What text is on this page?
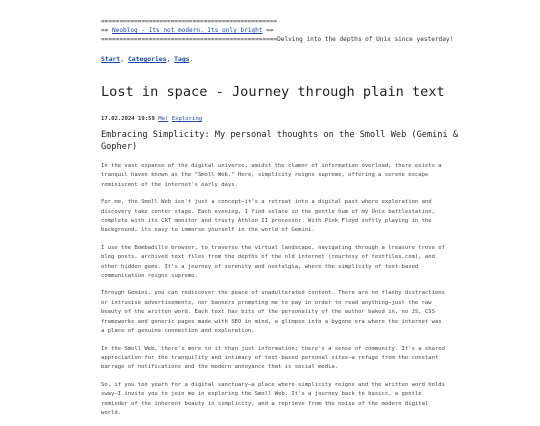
================================================
== Neoblog - Its not modern. Its only bright ==
================================================Delving into the depths of Unix since yesterday!
Start, Categories, Tags.
Lost in space - Journey through plain text
17.02.2024 19:59 Me! Exploring
Embracing Simplicity: My personal thoughts on the Smoll Web (Gemini & Gopher)

In the vast expanse of the digital universe, amidst the clamor of information overload, there exists a tranquil haven known as the "Smoll Web." Here, simplicity reigns supreme, offering a serene escape reminiscent of the internet's early days.

For me, the Smoll Web isn't just a concept—it's a retreat into a digital past where exploration and discovery take center stage. Each evening, I find solace in the gentle hum of my Unix battlestation, complete with its CRT monitor and trusty Athlon II processor. With Pink Floyd softly playing in the background, its easy to immerse yourself in the world of Gemini.

I use the Bombadillo browser, to traverse the virtual landscape, navigating through a treasure trove of blog posts, archived text files from the depths of the old internet (courtesy of textfiles.com), and other hidden gems. It's a journey of serenity and nostalgia, where the simplicity of text-based communication reigns supreme.

Through Gemini, you can rediscover the peace of unadulterated content. There are no flashy distractions or intrusive advertisements, nor banners prompting me to pay in order to read anything—just the raw beauty of the written word. Each text has bits of the personality of the author baked in, no JS, CSS frameworks and generic pages made with SEO in mind, a glimpse into a bygone era where the internet was a place of genuine connection and exploration.

In the Smoll Web, there's more to it than just information; there's a sense of community. It's a shared appreciation for the tranquility and intimacy of text-based personal sites—a refuge from the constant barrage of notifications and the modern annoyance that is social media.

So, if you too yearn for a digital sanctuary—a place where simplicity reigns and the written word holds sway—I invite you to join me in exploring the Smoll Web. It's a journey back to basics, a gentle reminder of the inherent beauty in simplicity, and a reprieve from the noise of the modern digital world.
